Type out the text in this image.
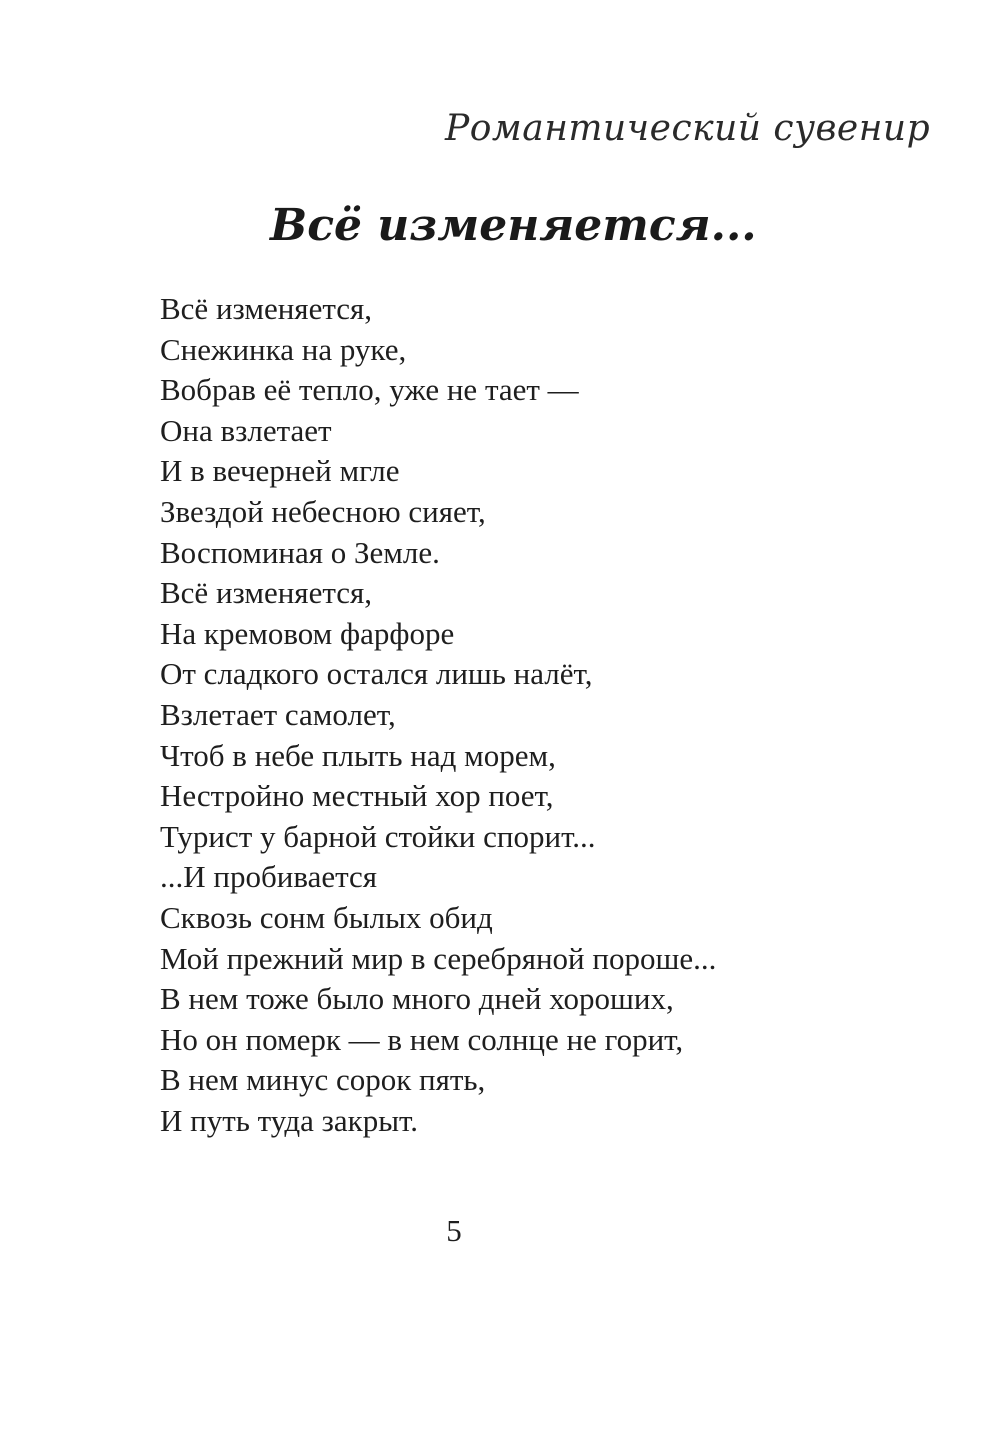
Романтический сувенир
Всё изменяется...
Всё изменяется,
Снежинка на руке,
Вобрав её тепло, уже не тает —
Она взлетает
И в вечерней мгле
Звездой небесною сияет,
Воспоминая о Земле.
Всё изменяется,
На кремовом фарфоре
От сладкого остался лишь налёт,
Взлетает самолет,
Чтоб в небе плыть над морем,
Нестройно местный хор поет,
Турист у барной стойки спорит...
...И пробивается
Сквозь сонм былых обид
Мой прежний мир в серебряной пороше...
В нем тоже было много дней хороших,
Но он померк — в нем солнце не горит,
В нем минус сорок пять,
И путь туда закрыт.
5
